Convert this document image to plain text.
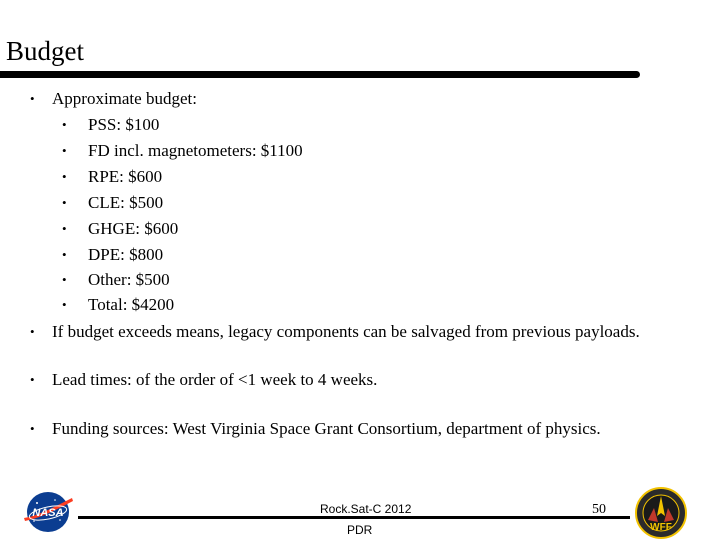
Budget
• Approximate budget:
• PSS: $100
• FD incl. magnetometers: $1100
• RPE: $600
• CLE: $500
• GHGE: $600
• DPE: $800
• Other: $500
• Total: $4200
• If budget exceeds means, legacy components can be salvaged from previous payloads.
• Lead times: of the order of <1 week to 4 weeks.
• Funding sources: West Virginia Space Grant Consortium, department of physics.
NASA	Rock.Sat-C 2012
PDR
50
WFF
